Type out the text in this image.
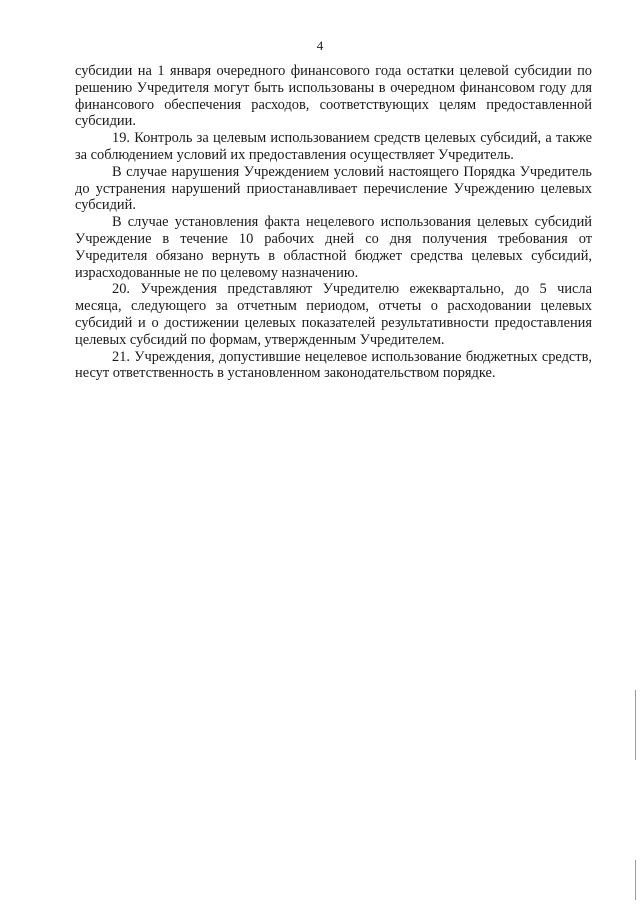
4

субсидии на 1 января очередного финансового года остатки целевой субсидии по решению Учредителя могут быть использованы в очередном финансовом году для финансового обеспечения расходов, соответствующих целям предоставленной субсидии.

19. Контроль за целевым использованием средств целевых субсидий, а также за соблюдением условий их предоставления осуществляет Учредитель.

В случае нарушения Учреждением условий настоящего Порядка Учредитель до устранения нарушений приостанавливает перечисление Учреждению целевых субсидий.

В случае установления факта нецелевого использования целевых субсидий Учреждение в течение 10 рабочих дней со дня получения требования от Учредителя обязано вернуть в областной бюджет средства целевых субсидий, израсходованные не по целевому назначению.

20. Учреждения представляют Учредителю ежеквартально, до 5 числа месяца, следующего за отчетным периодом, отчеты о расходовании целевых субсидий и о достижении целевых показателей результативности предоставления целевых субсидий по формам, утвержденным Учредителем.

21. Учреждения, допустившие нецелевое использование бюджетных средств, несут ответственность в установленном законодательством порядке.
